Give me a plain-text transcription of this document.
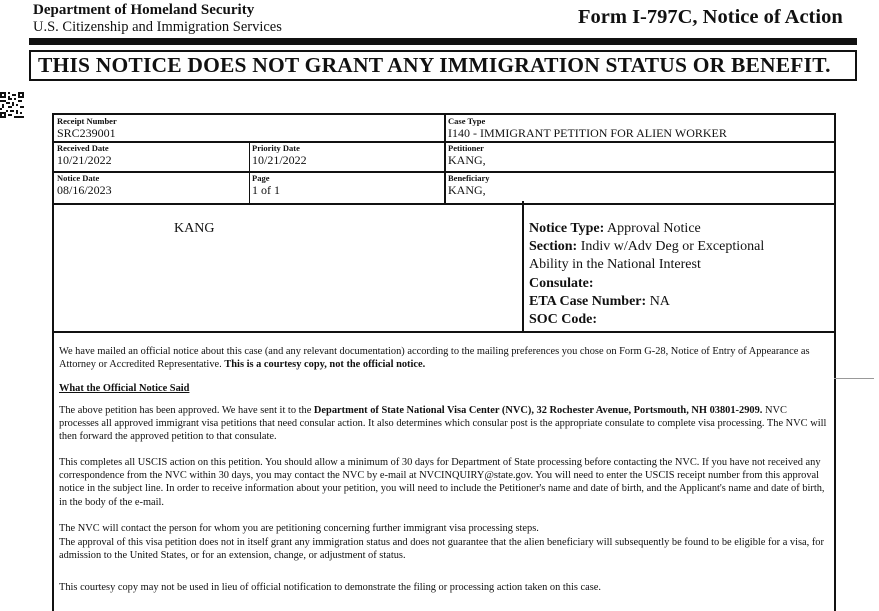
Department of Homeland Security
U.S. Citizenship and Immigration Services	Form I-797C, Notice of Action
THIS NOTICE DOES NOT GRANT ANY IMMIGRATION STATUS OR BENEFIT.
Receipt Number
SRC239001
Case Type
I140 - IMMIGRANT PETITION FOR ALIEN WORKER
Received Date
10/21/2022
Priority Date
10/21/2022
Petitioner
KANG,
Notice Date
08/16/2023
Page
1 of 1
Beneficiary
KANG,
KANG	Notice Type: Approval Notice
Section: Indiv w/Adv Deg or Exceptional
Ability in the National Interest
Consulate:
ETA Case Number: NA
SOC Code:
We have mailed an official notice about this case (and any relevant documentation) according to the mailing preferences you chose on Form G-28, Notice of Entry of Appearance as Attorney or Accredited Representative. This is a courtesy copy, not the official notice.
What the Official Notice Said
The above petition has been approved. We have sent it to the Department of State National Visa Center (NVC), 32 Rochester Avenue, Portsmouth, NH 03801-2909. NVC processes all approved immigrant visa petitions that need consular action. It also determines which consular post is the appropriate consulate to complete visa processing. The NVC will then forward the approved petition to that consulate.
This completes all USCIS action on this petition. You should allow a minimum of 30 days for Department of State processing before contacting the NVC. If you have not received any correspondence from the NVC within 30 days, you may contact the NVC by e-mail at NVCINQUIRY@state.gov. You will need to enter the USCIS receipt number from this approval notice in the subject line. In order to receive information about your petition, you will need to include the Petitioner's name and date of birth, and the Applicant's name and date of birth, in the body of the e-mail.
The NVC will contact the person for whom you are petitioning concerning further immigrant visa processing steps.
The approval of this visa petition does not in itself grant any immigration status and does not guarantee that the alien beneficiary will subsequently be found to be eligible for a visa, for admission to the United States, or for an extension, change, or adjustment of status.
This courtesy copy may not be used in lieu of official notification to demonstrate the filing or processing action taken on this case.
